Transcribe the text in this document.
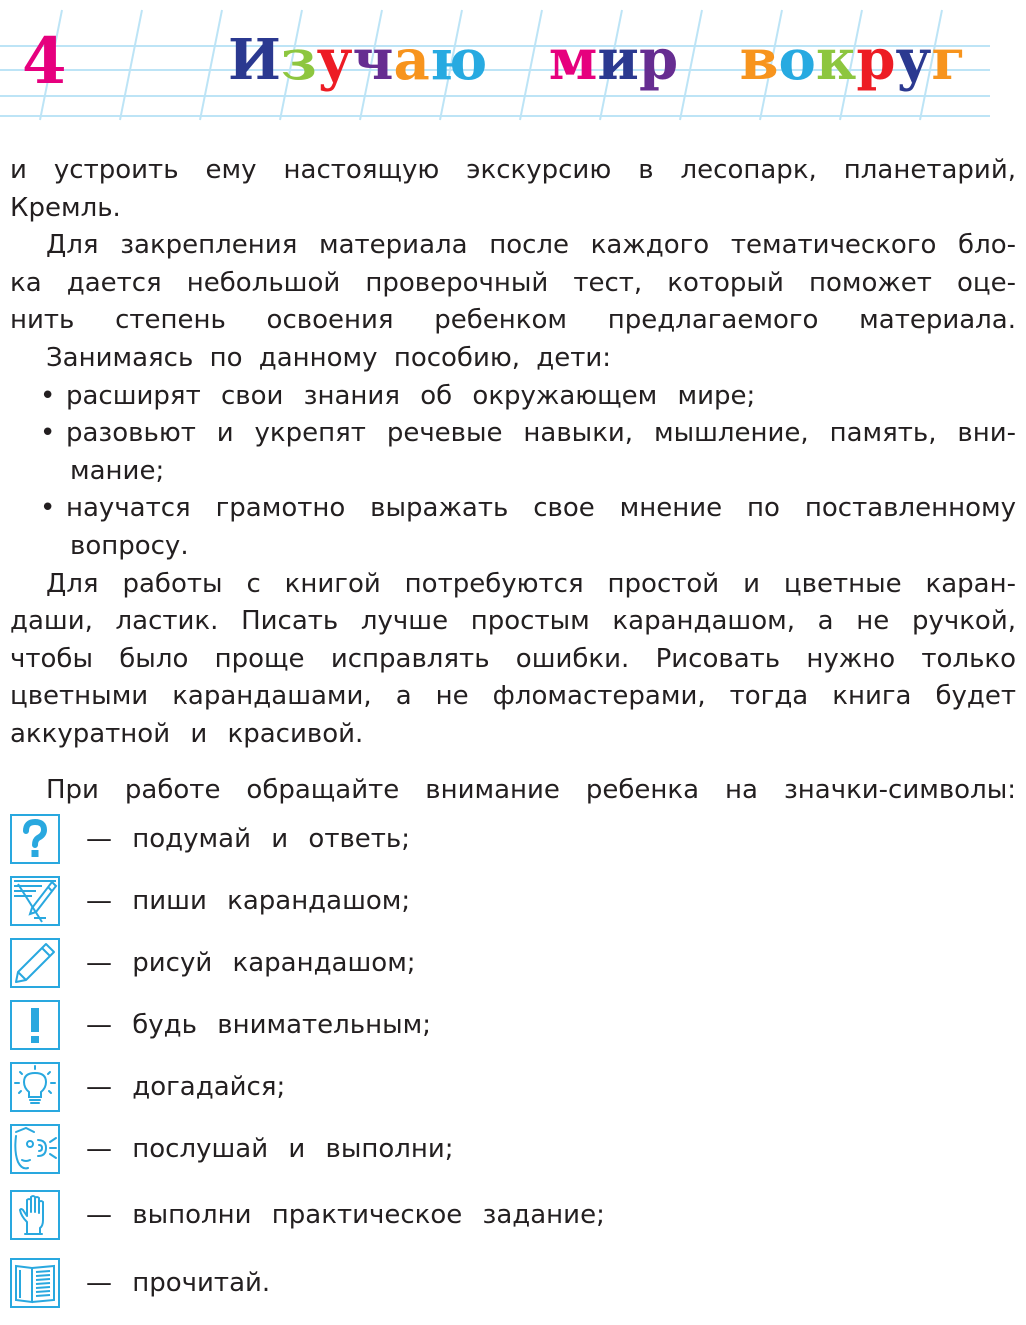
4	Изучаю мир вокруг
и устроить ему настоящую экскурсию в лесопарк, планетарий,
Кремль.
Для закрепления материала после каждого тематического бло-
ка дается небольшой проверочный тест, который поможет оце-
нить степень освоения ребенком предлагаемого материала.
Занимаясь по данному пособию, дети:
• расширят свои знания об окружающем мире;
• разовьют и укрепят речевые навыки, мышление, память, вни-
мание;
• научатся грамотно выражать свое мнение по поставленному
вопросу.
Для работы с книгой потребуются простой и цветные каран-
даши, ластик. Писать лучше простым карандашом, а не ручкой,
чтобы было проще исправлять ошибки. Рисовать нужно только
цветными карандашами, а не фломастерами, тогда книга будет
аккуратной и красивой.
При работе обращайте внимание ребенка на значки-символы:
— подумай и ответь;
— пиши карандашом;
— рисуй карандашом;
— будь внимательным;
— догадайся;
— послушай и выполни;
— выполни практическое задание;
— прочитай.
